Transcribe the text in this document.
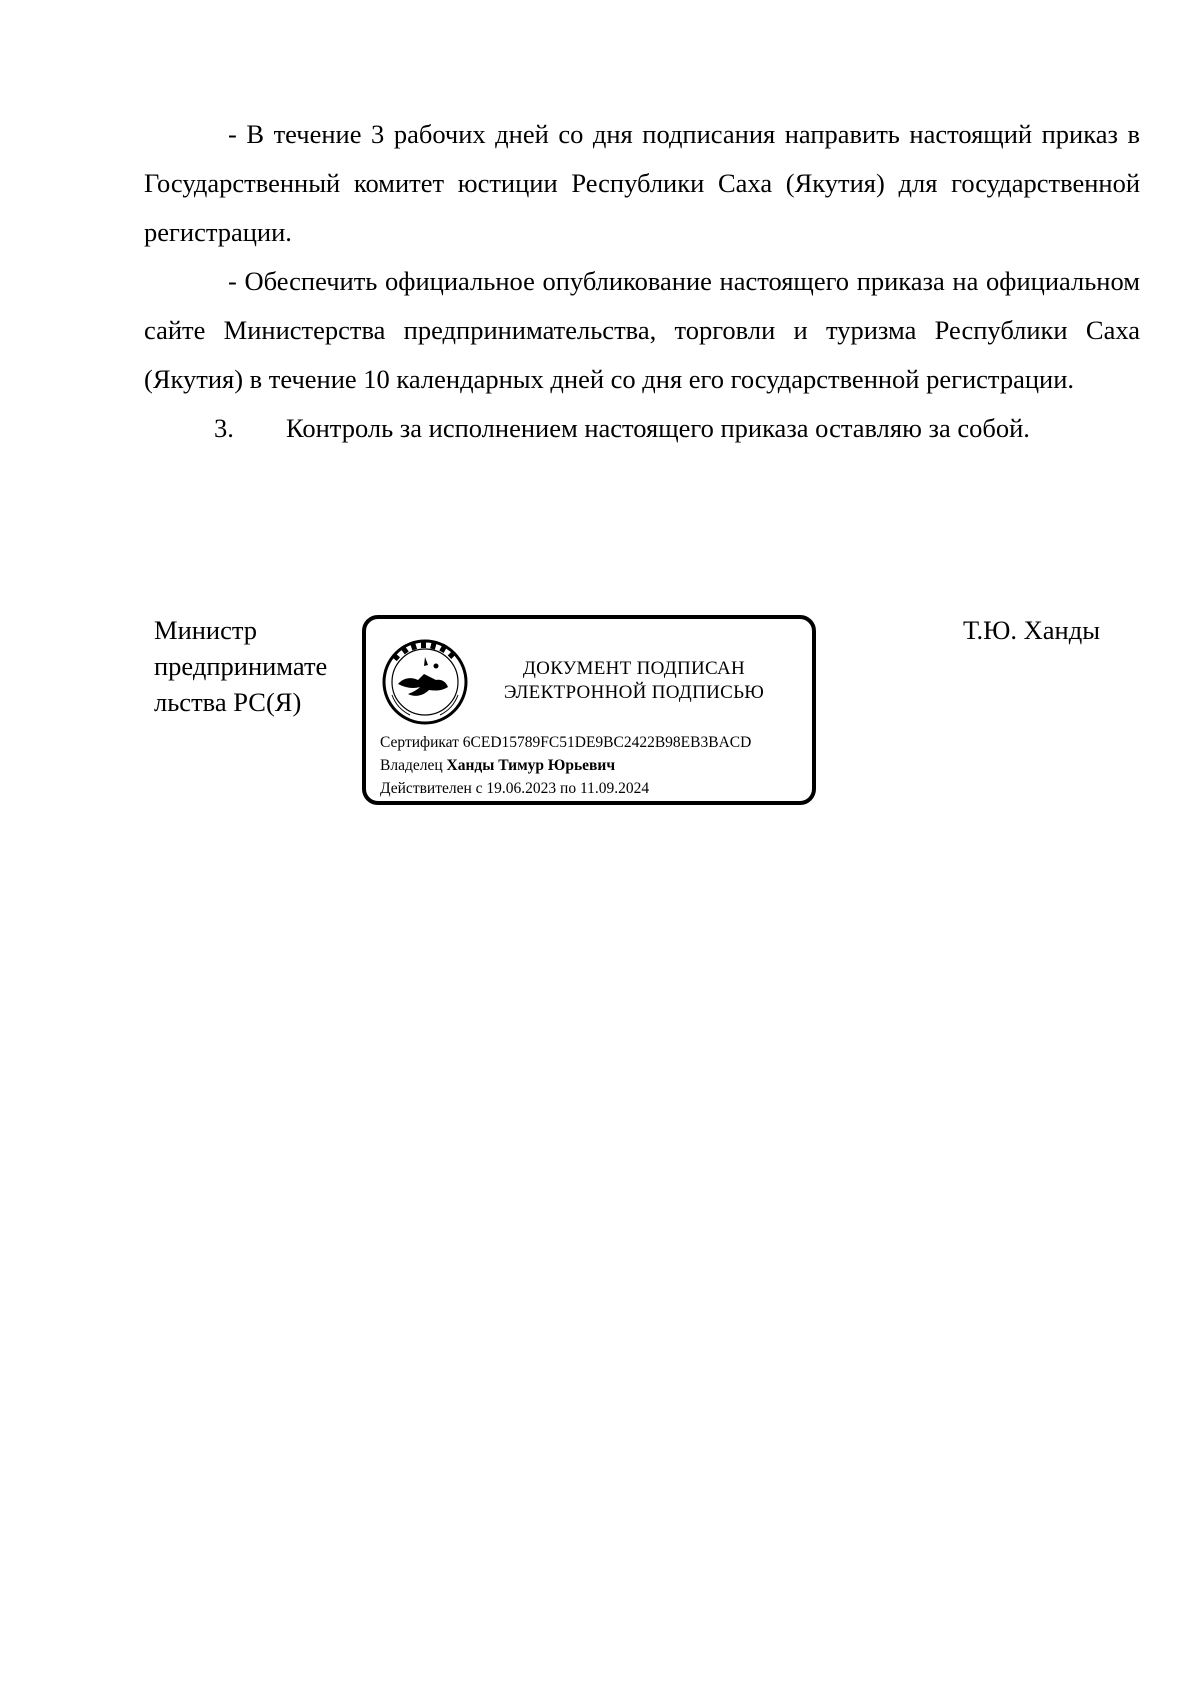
- В течение 3 рабочих дней со дня подписания направить настоящий приказ в Государственный комитет юстиции Республики Саха (Якутия) для государственной регистрации.

- Обеспечить официальное опубликование настоящего приказа на официальном сайте Министерства предпринимательства, торговли и туризма Республики Саха (Якутия) в течение 10 календарных дней со дня его государственной регистрации.

3.	Контроль за исполнением настоящего приказа оставляю за собой.

Министр
предпринимате
льства РС(Я)
ДОКУМЕНТ ПОДПИСАН
ЭЛЕКТРОННОЙ ПОДПИСЬЮ
Сертификат 6CED15789FC51DE9BC2422B98EB3BACD
Владелец Ханды Тимур Юрьевич
Действителен с 19.06.2023 по 11.09.2024
Т.Ю. Ханды
